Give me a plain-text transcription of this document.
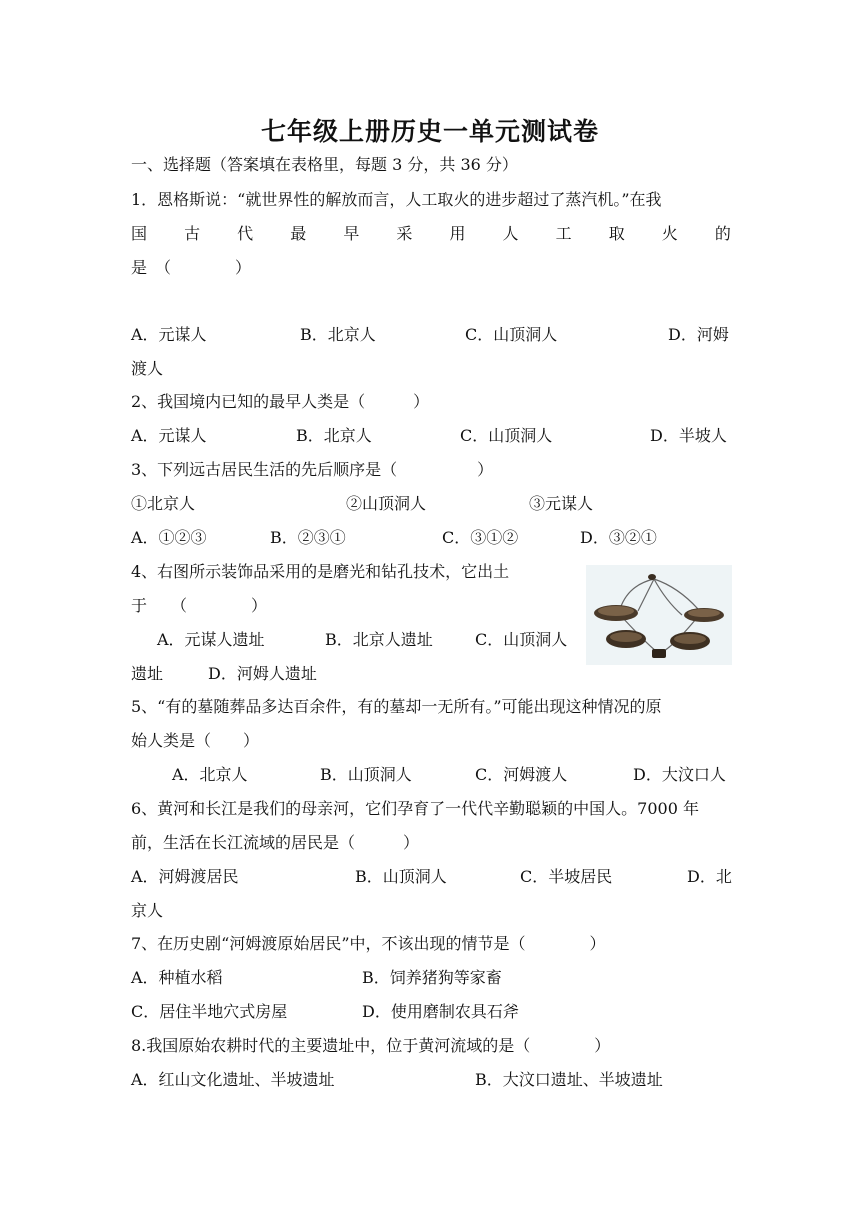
七年级上册历史一单元测试卷
一、选择题（答案填在表格里，每题 3 分，共 36 分）
1．恩格斯说：“就世界性的解放而言，人工取火的进步超过了蒸汽机。”在我
国 古 代 最 早 采 用 人 工 取 火 的
是　（　　　　）
A．元谋人	B．北京人	C．山顶洞人	D．河姆
渡人
2、我国境内已知的最早人类是（　　　）
A．元谋人	B．北京人	C．山顶洞人	D．半坡人
3、下列远古居民生活的先后顺序是（　　　　　）
①北京人	②山顶洞人	③元谋人
A．①②③	B．②③①	C．③①②	D．③②①
4、右图所示装饰品采用的是磨光和钻孔技术，它出土
于　　（　　　　）
A．元谋人遗址	B．北京人遗址	C．山顶洞人
遗址	D．河姆人遗址
5、“有的墓随葬品多达百余件，有的墓却一无所有。”可能出现这种情况的原
始人类是（　　）
A．北京人	B．山顶洞人	C．河姆渡人	D．大汶口人
6、黄河和长江是我们的母亲河，它们孕育了一代代辛勤聪颖的中国人。7000 年
前，生活在长江流域的居民是（　　　）
A．河姆渡居民	B．山顶洞人	C．半坡居民	D．北
京人
7、在历史剧“河姆渡原始居民”中，不该出现的情节是（　　　　）
A．种植水稻	B．饲养猪狗等家畜
C．居住半地穴式房屋	D．使用磨制农具石斧
8.我国原始农耕时代的主要遗址中，位于黄河流域的是（　　　　）
A．红山文化遗址、半坡遗址	B．大汶口遗址、半坡遗址
